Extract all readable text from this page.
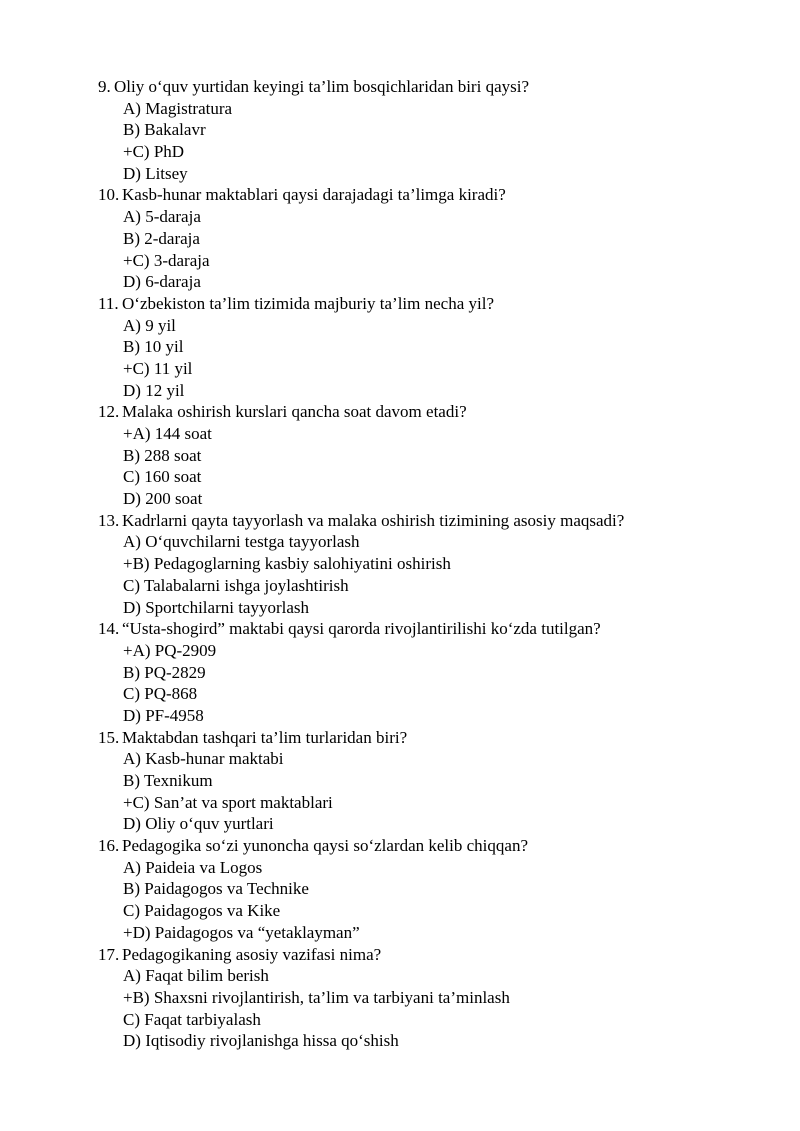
9. Oliy o‘quv yurtidan keyingi ta’lim bosqichlaridan biri qaysi?
A) Magistratura
B) Bakalavr
+C) PhD
D) Litsey
10. Kasb-hunar maktablari qaysi darajadagi ta’limga kiradi?
A) 5-daraja
B) 2-daraja
+C) 3-daraja
D) 6-daraja
11. O‘zbekiston ta’lim tizimida majburiy ta’lim necha yil?
A) 9 yil
B) 10 yil
+C) 11 yil
D) 12 yil
12. Malaka oshirish kurslari qancha soat davom etadi?
+A) 144 soat
B) 288 soat
C) 160 soat
D) 200 soat
13. Kadrlarni qayta tayyorlash va malaka oshirish tizimining asosiy maqsadi?
A) O‘quvchilarni testga tayyorlash
+B) Pedagoglarning kasbiy salohiyatini oshirish
C) Talabalarni ishga joylashtirish
D) Sportchilarni tayyorlash
14. “Usta-shogird” maktabi qaysi qarorda rivojlantirilishi ko‘zda tutilgan?
+A) PQ-2909
B) PQ-2829
C) PQ-868
D) PF-4958
15. Maktabdan tashqari ta’lim turlaridan biri?
A) Kasb-hunar maktabi
B) Texnikum
+C) San’at va sport maktablari
D) Oliy o‘quv yurtlari
16. Pedagogika so‘zi yunoncha qaysi so‘zlardan kelib chiqqan?
A) Paideia va Logos
B) Paidagogos va Technike
C) Paidagogos va Kike
+D) Paidagogos va “yetaklayman”
17. Pedagogikaning asosiy vazifasi nima?
A) Faqat bilim berish
+B) Shaxsni rivojlantirish, ta’lim va tarbiyani ta’minlash
C) Faqat tarbiyalash
D) Iqtisodiy rivojlanishga hissa qo‘shish
